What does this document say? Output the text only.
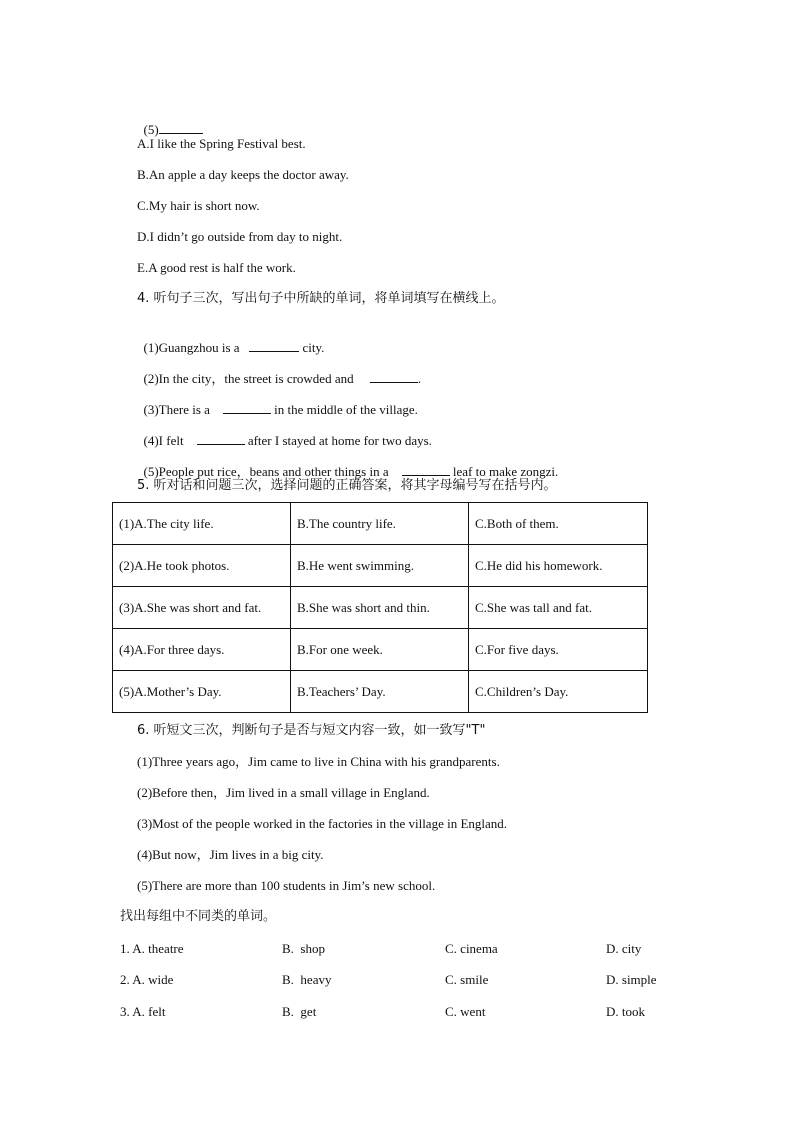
(5)

A.I like the Spring Festival best.
B.An apple a day keeps the doctor away.
C.My hair is short now.
D.I didn’t go outside from day to night.
E.A good rest is half the work.
4. 听句子三次，写出句子中所缺的单词，将单词填写在横线上。

(1)Guangzhou is a	city.

(2)In the city，the street is crowded and	.

(3)There is a	in the middle of the village.

(4)I felt	after I stayed at home for two days.

(5)People put rice，beans and other things in a	leaf to make zongzi.

5. 听对话和问题三次，选择问题的正确答案，将其字母编号写在括号内。
(1)A.The city life.	B.The country life.	C.Both of them.
(2)A.He took photos.	B.He went swimming.	C.He did his homework.
(3)A.She was short and fat.	B.She was short and thin.	C.She was tall and fat.
(4)A.For three days.	B.For one week.	C.For five days.
(5)A.Mother’s Day.	B.Teachers’ Day.	C.Children’s Day.
6. 听短文三次，判断句子是否与短文内容一致，如一致写"T"
(1)Three years ago，Jim came to live in China with his grandparents.
(2)Before then，Jim lived in a small village in England.
(3)Most of the people worked in the factories in the village in England.
(4)But now，Jim lives in a big city.
(5)There are more than 100 students in Jim’s new school.
找出每组中不同类的单词。
1. A. theatre	B.  shop	C. cinema	D. city
2. A. wide	B.  heavy	C. smile	D. simple
3. A. felt	B.  get	C. went	D. took
